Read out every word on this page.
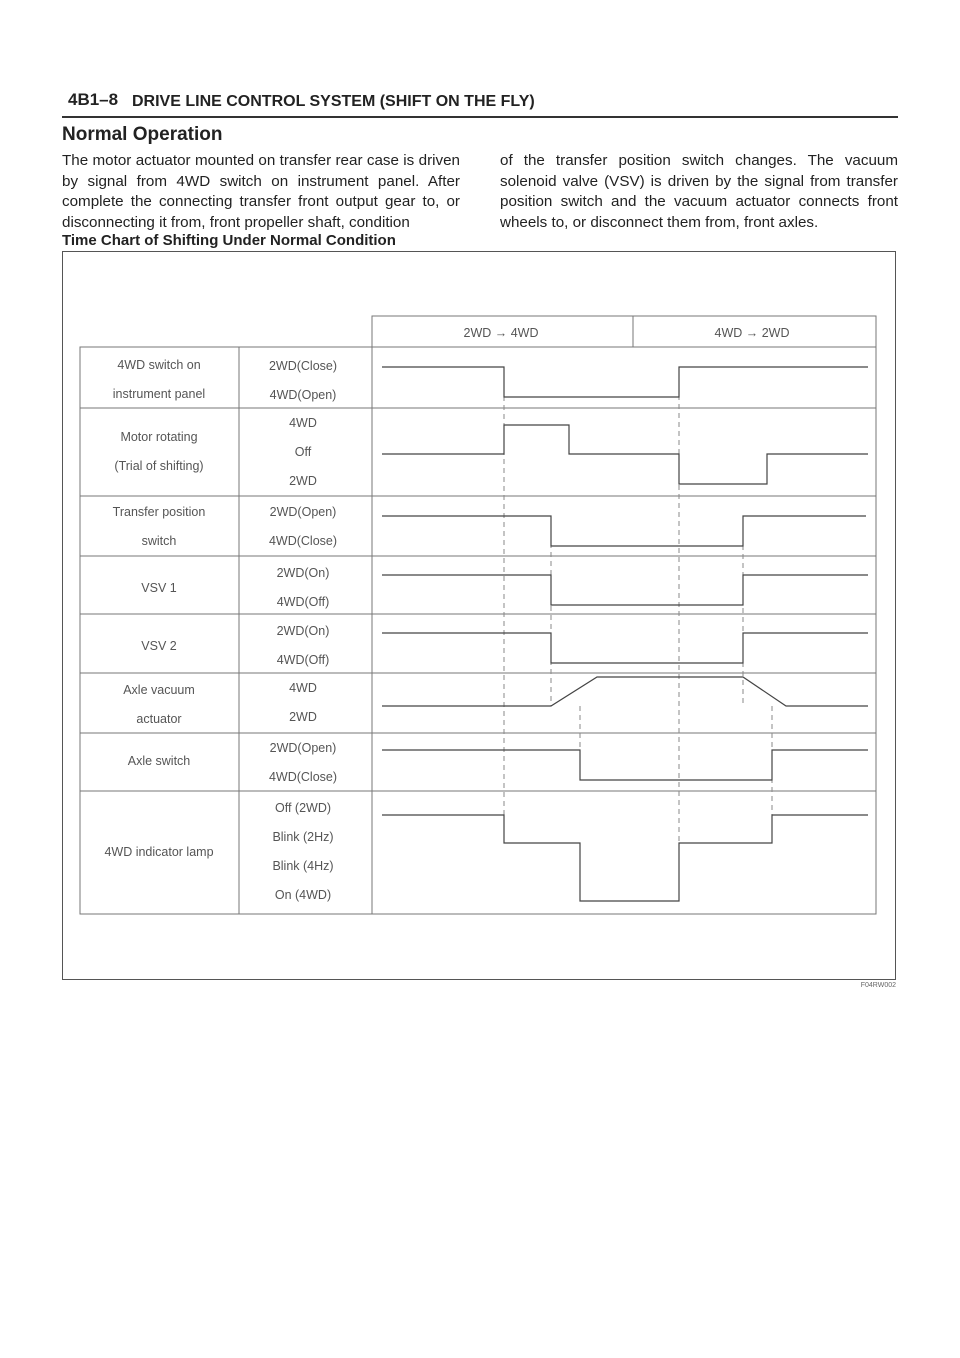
4B1–8 DRIVE LINE CONTROL SYSTEM (SHIFT ON THE FLY)
Normal Operation
The motor actuator mounted on transfer rear case is driven by signal from 4WD switch on instrument panel. After complete the connecting transfer front output gear to, or disconnecting it from, front propeller shaft, condition
of the transfer position switch changes. The vacuum solenoid valve (VSV) is driven by the signal from transfer position switch and the vacuum actuator connects front wheels to, or disconnect them from, front axles.
Time Chart of Shifting Under Normal Condition
2WD → 4WD	4WD → 2WD
4WD switch on
instrument panel
Motor rotating
(Trial of shifting)
Transfer position
switch
VSV 1
VSV 2
Axle vacuum
actuator
Axle switch
4WD indicator lamp
2WD(Close)
4WD(Open)
4WD
Off
2WD
2WD(Open)
4WD(Close)
2WD(On)
4WD(Off)
2WD(On)
4WD(Off)
4WD
2WD
2WD(Open)
4WD(Close)
Off (2WD)
Blink (2Hz)
Blink (4Hz)
On (4WD)
F04RW002
